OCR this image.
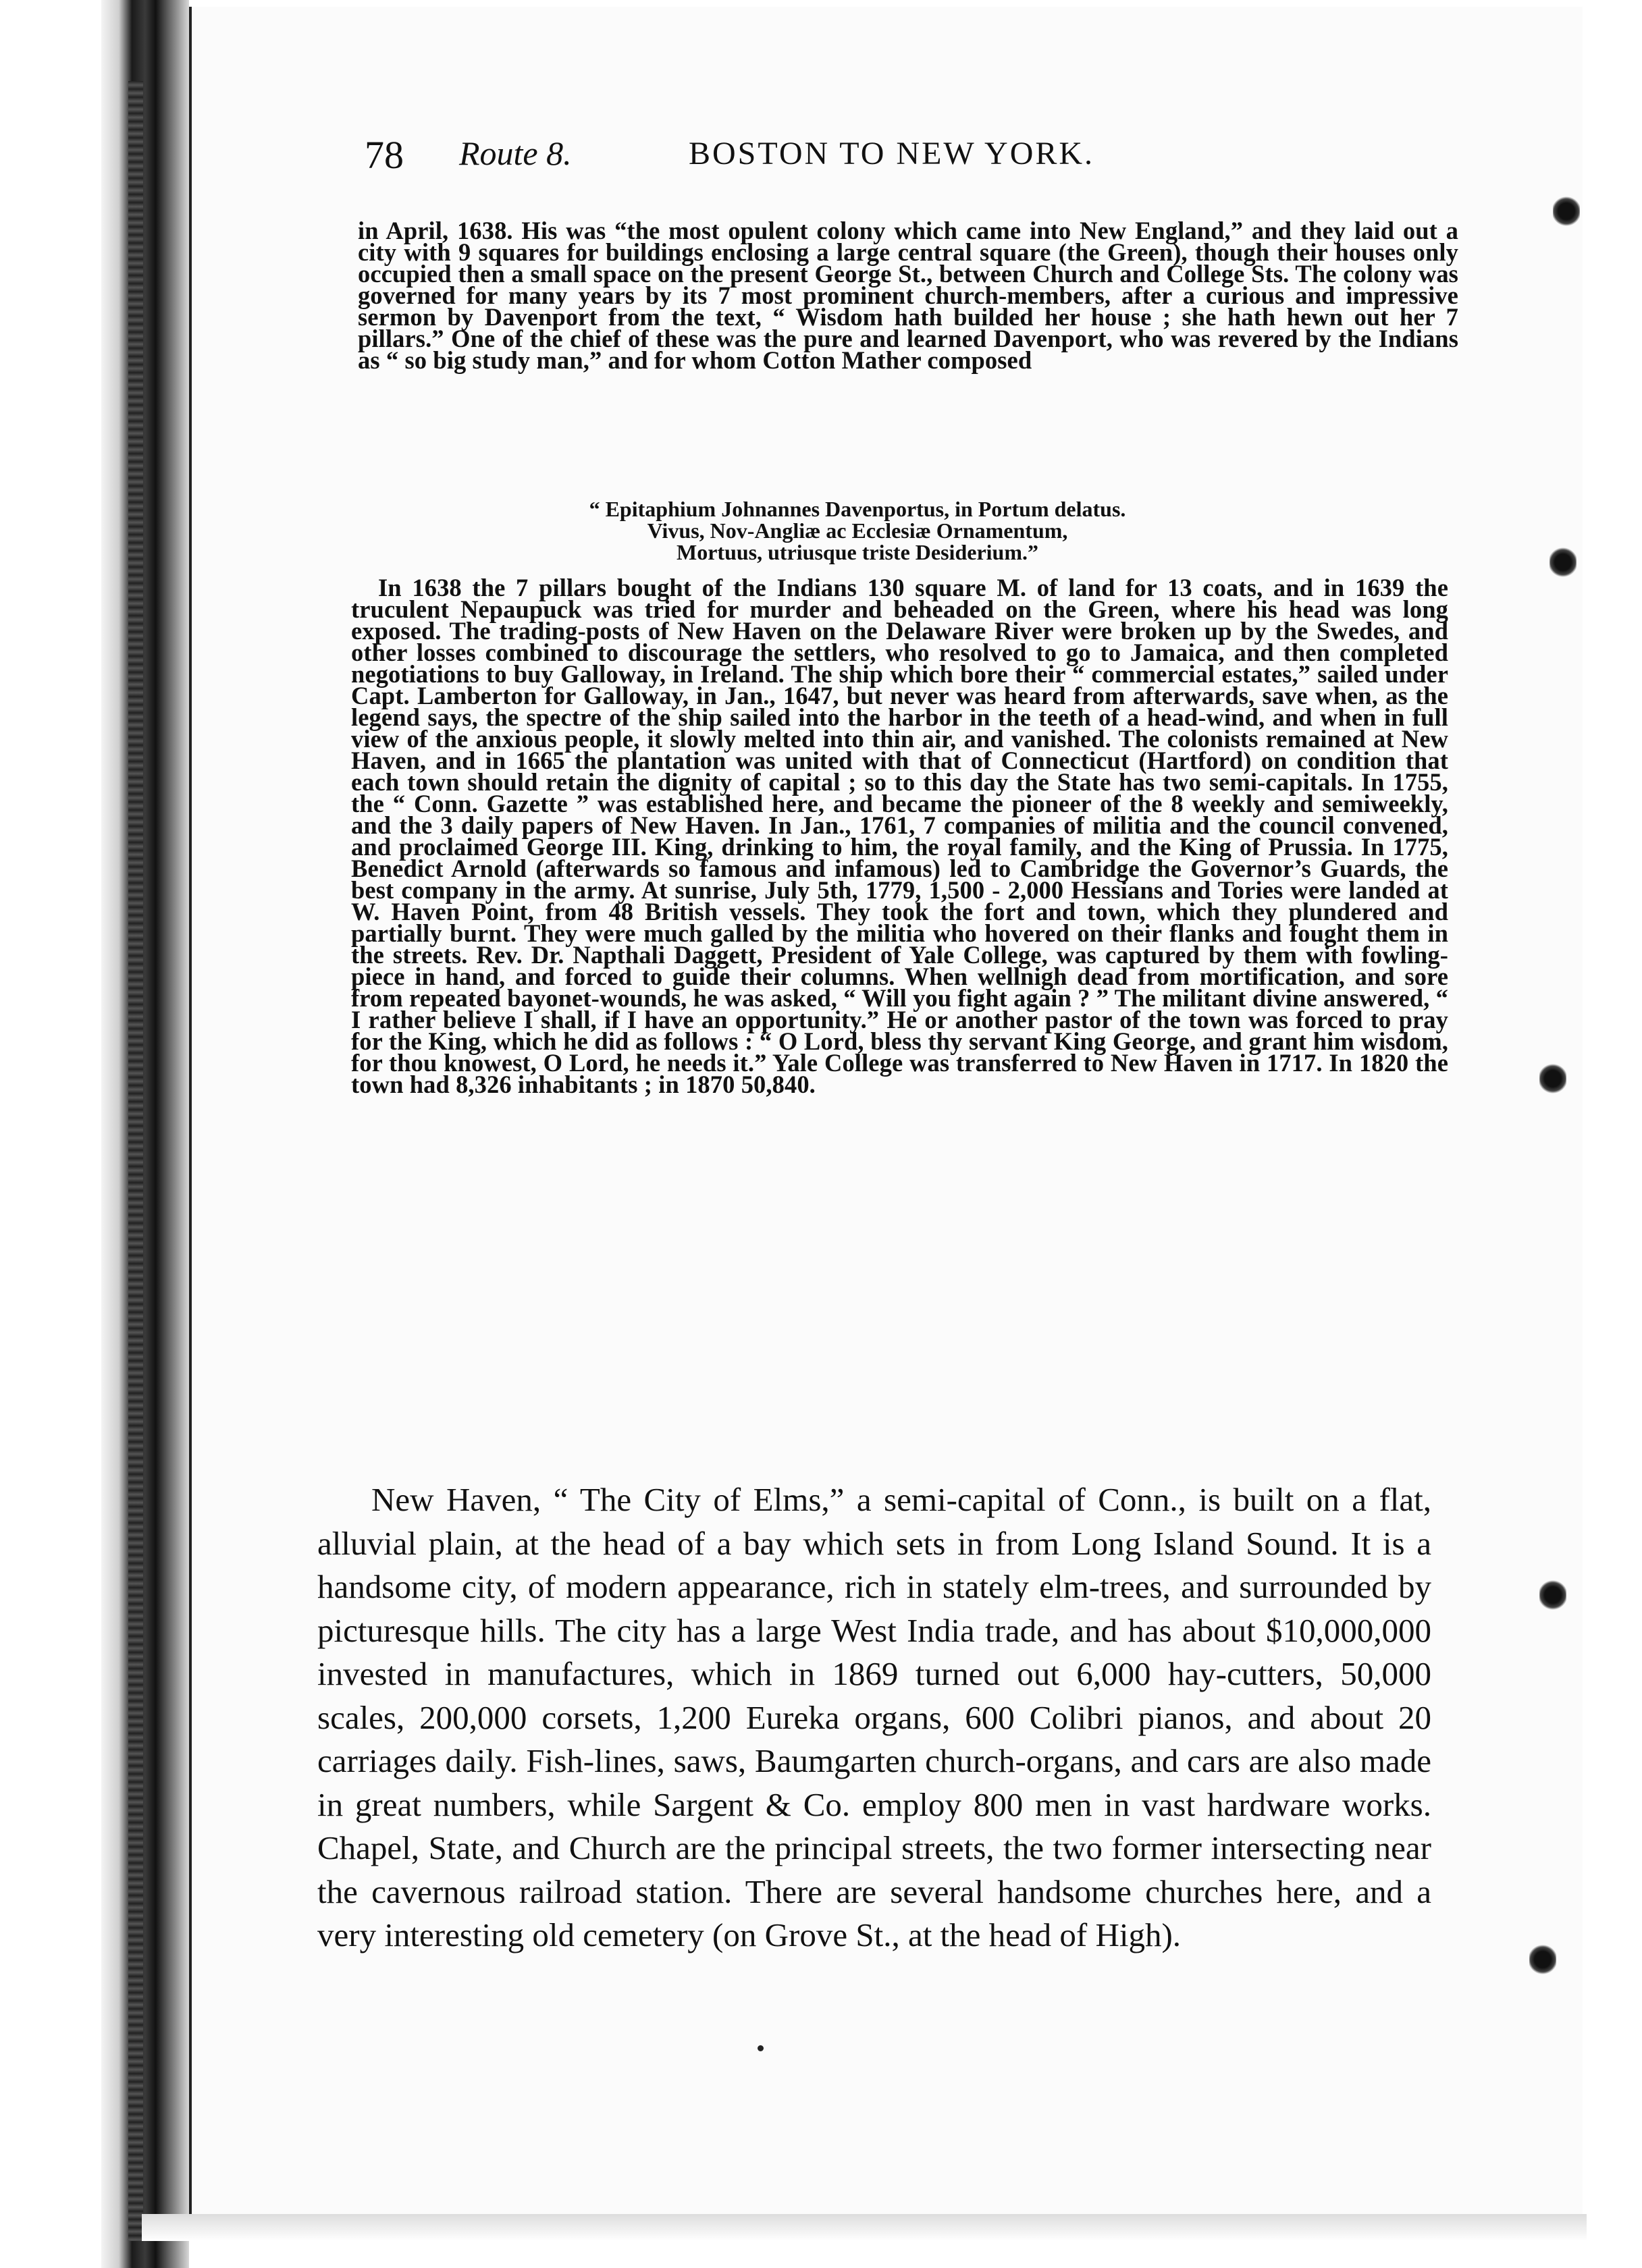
78 Route 8.	BOSTON TO NEW YORK.

in April, 1638. His was “the most opulent colony which came into New England,” and they laid out a city with 9 squares for buildings enclosing a large central square (the Green), though their houses only occupied then a small space on the present George St., between Church and College Sts. The colony was governed for many years by its 7 most prominent church-members, after a curious and impressive sermon by Davenport from the text, “ Wisdom hath builded her house ; she hath hewn out her 7 pillars.” One of the chief of these was the pure and learned Davenport, who was revered by the Indians as “ so big study man,” and for whom Cotton Mather composed

“ Epitaphium Johnannes Davenportus, in Portum delatus.
Vivus, Nov-Angliæ ac Ecclesiæ Ornamentum,
Mortuus, utriusque triste Desiderium.”

In 1638 the 7 pillars bought of the Indians 130 square M. of land for 13 coats, and in 1639 the truculent Nepaupuck was tried for murder and beheaded on the Green, where his head was long exposed. The trading-posts of New Haven on the Delaware River were broken up by the Swedes, and other losses combined to discourage the settlers, who resolved to go to Jamaica, and then completed negotiations to buy Galloway, in Ireland. The ship which bore their “ commercial estates,” sailed under Capt. Lamberton for Galloway, in Jan., 1647, but never was heard from afterwards, save when, as the legend says, the spectre of the ship sailed into the harbor in the teeth of a head-wind, and when in full view of the anxious people, it slowly melted into thin air, and vanished. The colonists remained at New Haven, and in 1665 the plantation was united with that of Connecticut (Hartford) on condition that each town should retain the dignity of capital ; so to this day the State has two semi-capitals. In 1755, the “ Conn. Gazette ” was established here, and became the pioneer of the 8 weekly and semiweekly, and the 3 daily papers of New Haven. In Jan., 1761, 7 companies of militia and the council convened, and proclaimed George III. King, drinking to him, the royal family, and the King of Prussia. In 1775, Benedict Arnold (afterwards so famous and infamous) led to Cambridge the Governor’s Guards, the best company in the army. At sunrise, July 5th, 1779, 1,500 - 2,000 Hessians and Tories were landed at W. Haven Point, from 48 British vessels. They took the fort and town, which they plundered and partially burnt. They were much galled by the militia who hovered on their flanks and fought them in the streets. Rev. Dr. Napthali Daggett, President of Yale College, was captured by them with fowling-piece in hand, and forced to guide their columns. When wellnigh dead from mortification, and sore from repeated bayonet-wounds, he was asked, “ Will you fight again ? ” The militant divine answered, “ I rather believe I shall, if I have an opportunity.” He or another pastor of the town was forced to pray for the King, which he did as follows : “ O Lord, bless thy servant King George, and grant him wisdom, for thou knowest, O Lord, he needs it.” Yale College was transferred to New Haven in 1717. In 1820 the town had 8,326 inhabitants ; in 1870 50,840.

New Haven, “ The City of Elms,” a semi-capital of Conn., is built on a flat, alluvial plain, at the head of a bay which sets in from Long Island Sound. It is a handsome city, of modern appearance, rich in stately elm-trees, and surrounded by picturesque hills. The city has a large West India trade, and has about $10,000,000 invested in manufactures, which in 1869 turned out 6,000 hay-cutters, 50,000 scales, 200,000 corsets, 1,200 Eureka organs, 600 Colibri pianos, and about 20 carriages daily. Fish-lines, saws, Baumgarten church-organs, and cars are also made in great numbers, while Sargent & Co. employ 800 men in vast hardware works. Chapel, State, and Church are the principal streets, the two former intersecting near the cavernous railroad station. There are several handsome churches here, and a very interesting old cemetery (on Grove St., at the head of High).
